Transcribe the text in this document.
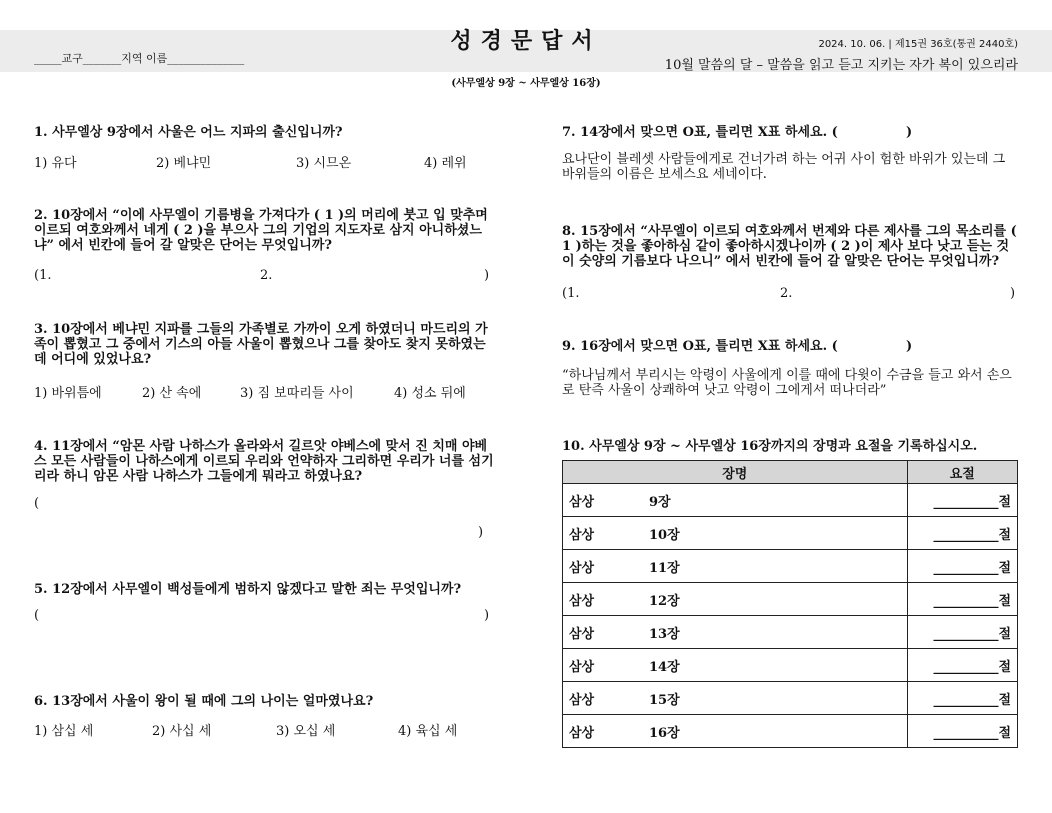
성경문답서
_____교구_______지역 이름______________
2024. 10. 06. | 제15권 36호(통권 2440호)
10월 말씀의 달 – 말씀을 읽고 듣고 지키는 자가 복이 있으리라
(사무엘상 9장 ~ 사무엘상 16장)
1. 사무엘상 9장에서 사울은 어느 지파의 출신입니까?
1) 유다	2) 베냐민	3) 시므온	4) 레위
2. 10장에서 “이에 사무엘이 기름병을 가져다가 ( 1 )의 머리에 붓고 입 맞추며 이르되 여호와께서 네게 ( 2 )을 부으사 그의 기업의 지도자로 삼지 아니하셨느냐” 에서 빈칸에 들어 갈 알맞은 단어는 무엇입니까?
(1.	2.	)
3. 10장에서 베냐민 지파를 그들의 가족별로 가까이 오게 하였더니 마드리의 가족이 뽑혔고 그 중에서 기스의 아들 사울이 뽑혔으나 그를 찾아도 찾지 못하였는데 어디에 있었나요?
1) 바위틈에	2) 산 속에	3) 짐 보따리들 사이	4) 성소 뒤에
4. 11장에서 “암몬 사람 나하스가 올라와서 길르앗 야베스에 맞서 진 치매 야베스 모든 사람들이 나하스에게 이르되 우리와 언약하자 그리하면 우리가 너를 섬기리라 하니 암몬 사람 나하스가 그들에게 뭐라고 하였나요?
(
)
5. 12장에서 사무엘이 백성들에게 범하지 않겠다고 말한 죄는 무엇입니까?
(	)
6. 13장에서 사울이 왕이 될 때에 그의 나이는 얼마였나요?
1) 삼십 세	2) 사십 세	3) 오십 세	4) 육십 세
7. 14장에서 맞으면 O표, 틀리면 X표 하세요. (	)
요나단이 블레셋 사람들에게로 건너가려 하는 어귀 사이 험한 바위가 있는데 그 바위들의 이름은 보세스요 세네이다.
8. 15장에서 “사무엘이 이르되 여호와께서 번제와 다른 제사를 그의 목소리를 ( 1 )하는 것을 좋아하심 같이 좋아하시겠나이까 ( 2 )이 제사 보다 낫고 듣는 것이 숫양의 기름보다 나으니” 에서 빈칸에 들어 갈 알맞은 단어는 무엇입니까?
(1.	2.	)
9. 16장에서 맞으면 O표, 틀리면 X표 하세요. (	)
“하나님께서 부리시는 악령이 사울에게 이를 때에 다윗이 수금을 들고 와서 손으로 탄즉 사울이 상쾌하여 낫고 악령이 그에게서 떠나더라”
10. 사무엘상 9장 ~ 사무엘상 16장까지의 장명과 요절을 기록하십시오.
장명	요절
삼상 9장	__________절
삼상 10장	__________절
삼상 11장	__________절
삼상 12장	__________절
삼상 13장	__________절
삼상 14장	__________절
삼상 15장	__________절
삼상 16장	__________절
